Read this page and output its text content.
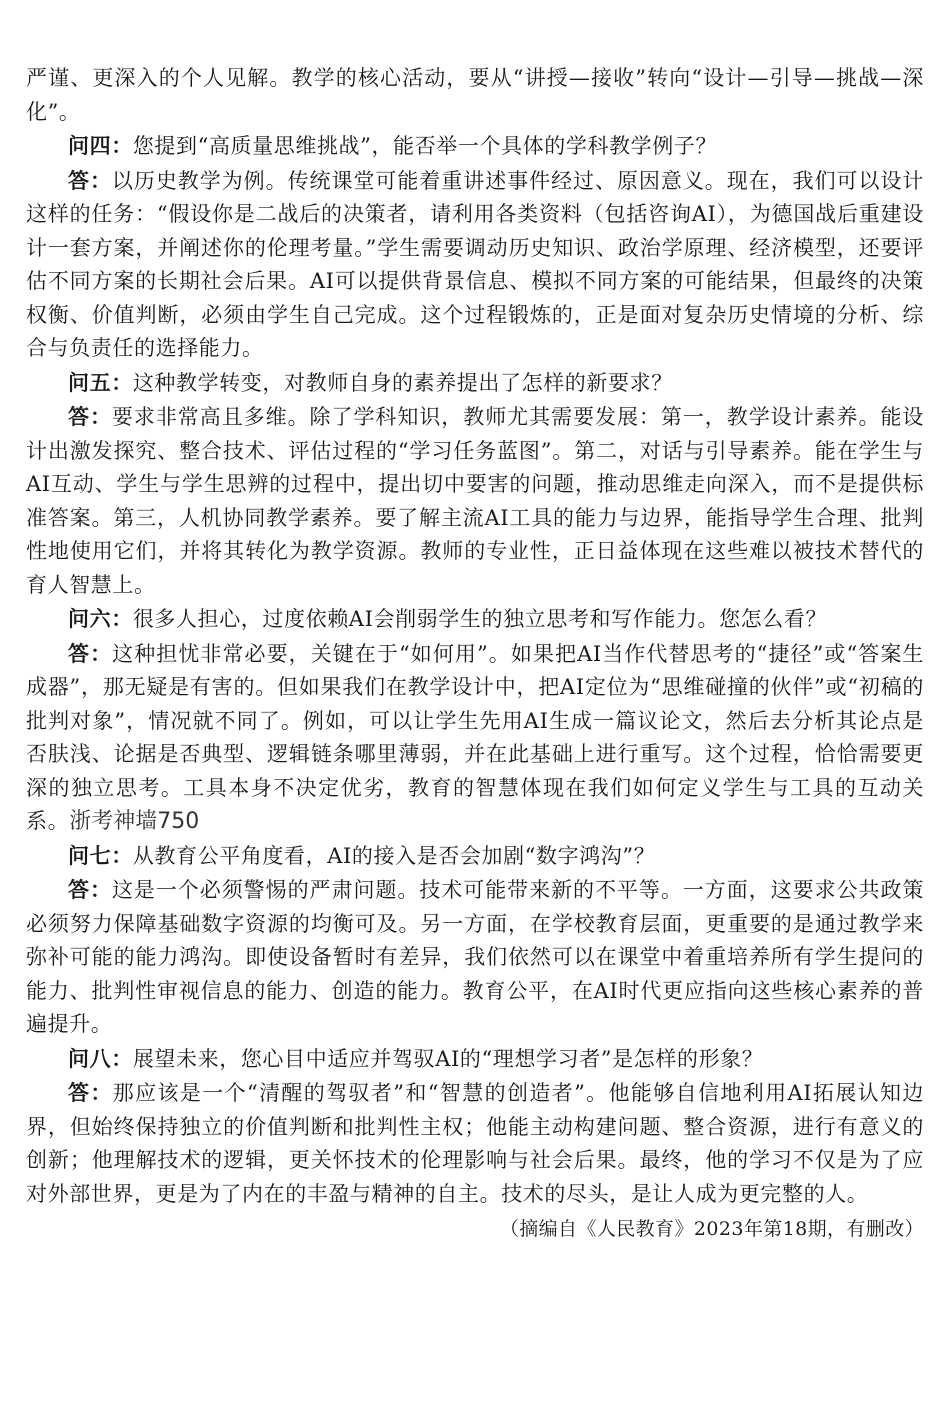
严谨、更深入的个人见解。教学的核心活动，要从“讲授—接收”转向“设计—引导—挑战—深化”。

问四：您提到“高质量思维挑战”，能否举一个具体的学科教学例子？

答：以历史教学为例。传统课堂可能着重讲述事件经过、原因意义。现在，我们可以设计这样的任务：“假设你是二战后的决策者，请利用各类资料（包括咨询AI），为德国战后重建设计一套方案，并阐述你的伦理考量。”学生需要调动历史知识、政治学原理、经济模型，还要评估不同方案的长期社会后果。AI可以提供背景信息、模拟不同方案的可能结果，但最终的决策权衡、价值判断，必须由学生自己完成。这个过程锻炼的，正是面对复杂历史情境的分析、综合与负责任的选择能力。

问五：这种教学转变，对教师自身的素养提出了怎样的新要求？

答：要求非常高且多维。除了学科知识，教师尤其需要发展：第一，教学设计素养。能设计出激发探究、整合技术、评估过程的“学习任务蓝图”。第二，对话与引导素养。能在学生与AI互动、学生与学生思辨的过程中，提出切中要害的问题，推动思维走向深入，而不是提供标准答案。第三，人机协同教学素养。要了解主流AI工具的能力与边界，能指导学生合理、批判性地使用它们，并将其转化为教学资源。教师的专业性，正日益体现在这些难以被技术替代的育人智慧上。

问六：很多人担心，过度依赖AI会削弱学生的独立思考和写作能力。您怎么看？

答：这种担忧非常必要，关键在于“如何用”。如果把AI当作代替思考的“捷径”或“答案生成器”，那无疑是有害的。但如果我们在教学设计中，把AI定位为“思维碰撞的伙伴”或“初稿的批判对象”，情况就不同了。例如，可以让学生先用AI生成一篇议论文，然后去分析其论点是否肤浅、论据是否典型、逻辑链条哪里薄弱，并在此基础上进行重写。这个过程，恰恰需要更深的独立思考。工具本身不决定优劣，教育的智慧体现在我们如何定义学生与工具的互动关系。浙考神墙750

问七：从教育公平角度看，AI的接入是否会加剧“数字鸿沟”？

答：这是一个必须警惕的严肃问题。技术可能带来新的不平等。一方面，这要求公共政策必须努力保障基础数字资源的均衡可及。另一方面，在学校教育层面，更重要的是通过教学来弥补可能的能力鸿沟。即使设备暂时有差异，我们依然可以在课堂中着重培养所有学生提问的能力、批判性审视信息的能力、创造的能力。教育公平，在AI时代更应指向这些核心素养的普遍提升。

问八：展望未来，您心目中适应并驾驭AI的“理想学习者”是怎样的形象？

答：那应该是一个“清醒的驾驭者”和“智慧的创造者”。他能够自信地利用AI拓展认知边界，但始终保持独立的价值判断和批判性主权；他能主动构建问题、整合资源，进行有意义的创新；他理解技术的逻辑，更关怀技术的伦理影响与社会后果。最终，他的学习不仅是为了应对外部世界，更是为了内在的丰盈与精神的自主。技术的尽头，是让人成为更完整的人。

（摘编自《人民教育》2023年第18期，有删改）
